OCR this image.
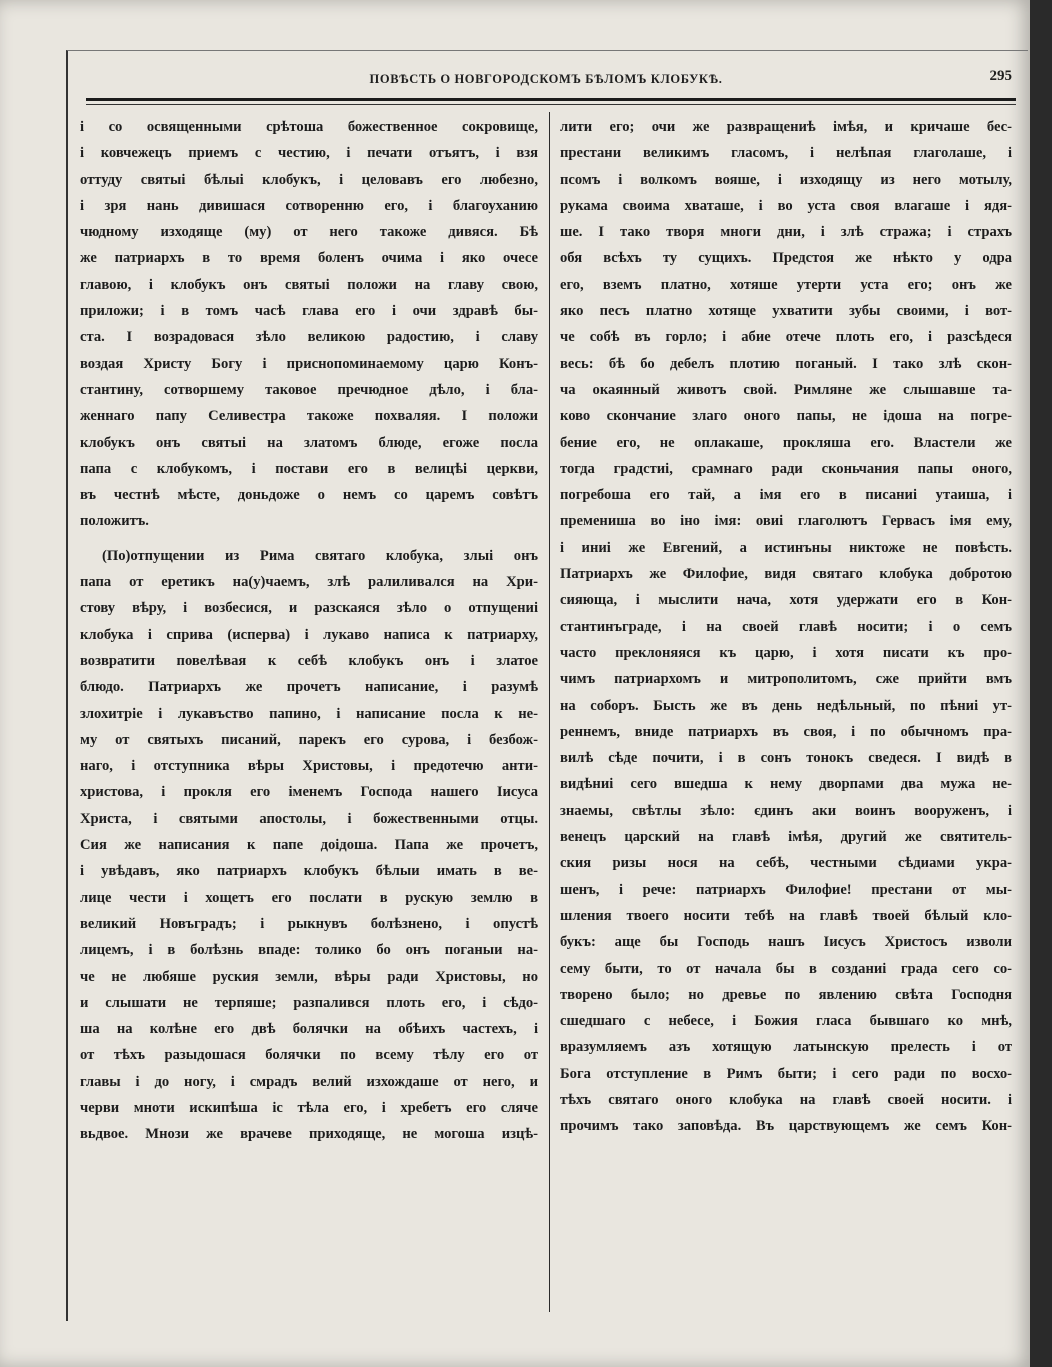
ПОВѢСТЬ О НОВГОРОДСКОМЪ БѢЛОМЪ КЛОБУКѢ.	295
і со освященными срѣтоша божественное сокровище,
і ковчежецъ приемъ с честию, і печати отъятъ, і взя
оттуду святыі бѣлыі клобукъ, і целовавъ его любезно,
і зря нань дивишася сотворенню его, і благоуханию
чюдному изходяще (му) от него такоже дивяся. Бѣ
же патриархъ в то время боленъ очима і яко очесе
главою, і клобукъ онъ святыі положи на главу свою,
приложи; і в томъ часѣ глава его і очи здравѣ бы-
ста. І возрадовася зѣло великою радостию, і славу
воздая Христу Богу і приснопоминаемому царю Конъ-
стантину, сотворшему таковое пречюдное дѣло, і бла-
женнаго папу Селивестра такоже похваляя. І положи
клобукъ онъ святыі на златомъ блюде, егоже посла
папа с клобукомъ, і постави его в велицѣі церкви,
въ честнѣ мѣсте, доньдоже о немъ со царемъ совѣтъ
положитъ.
(По)отпущении из Рима святаго клобука, злыі онъ
папа от еретикъ на(у)чаемъ, злѣ ралиливался на Хри-
стову вѣру, і возбесися, и разскаяся зѣло о отпущениі
клобука і сприва (исперва) і лукаво написа к патриарху,
возвратити повелѣвая к себѣ клобукъ онъ і златое
блюдо. Патриархъ же прочетъ написание, і разумѣ
злохитріе і лукавъство папино, і написание посла к не-
му от святыхъ писаний, парекъ его сурова, і безбож-
наго, і отступника вѣры Христовы, і предотечю анти-
христова, і прокля его іменемъ Господа нашего Іисуса
Христа, і святыми апостолы, і божественными отцы.
Сия же написания к папе доідоша. Папа же прочетъ,
і увѣдавъ, яко патриархъ клобукъ бѣлыи имать в ве-
лице чести і хощетъ его послати в рускую землю в
великий Новъградъ; і рыкнувъ болѣзнено, і опустѣ
лицемъ, і в болѣзнь впаде: толико бо онъ поганыи на-
че не любяше руския земли, вѣры ради Христовы, но
и слышати не терпяше; разпалився плоть его, і сѣдо-
ша на колѣне его двѣ болячки на обѣихъ частехъ, і
от тѣхъ разыдошася болячки по всему тѣлу его от
главы і до ногу, і смрадъ велий изхождаше от него, и
черви мноти искипѣша іс тѣла его, і хребетъ его сляче
вьдвое. Мнози же врачеве приходяще, не могоша изцѣ-
лити его; очи же развращениѣ імѣя, и кричаше бес-
престани великимъ гласомъ, і нелѣпая глаголаше, і
псомъ і волкомъ вояше, і изходящу из него мотылу,
рукама своима хваташе, і во уста своя влагаше і ядя-
ше. І тако творя многи дни, і злѣ стража; і страхъ
обя всѣхъ ту сущихъ. Предстоя же нѣкто у одра
его, вземъ платно, хотяше утерти уста его; онъ же
яко песъ платно хотяще ухватити зубы своими, і вот-
че собѣ въ горло; і абие отече плоть его, і разсѣдеся
весь: бѣ бо дебелъ плотию поганый. І тако злѣ скон-
ча окаянный животъ свой. Римляне же слышавше та-
ково скончание злаго оного папы, не ідоша на погре-
бение его, не оплакаше, прокляша его. Властели же
тогда градстиі, срамнаго ради сконьчания папы оного,
погребоша его тай, а імя его в писаниі утаиша, і
премениша во іно імя: овиі глаголютъ Гервасъ імя ему,
і иниі же Евгений, а истинъны никтоже не повѣсть.
Патриархъ же Филофие, видя святаго клобука добротою
сияюща, і мыслити нача, хотя удержати его в Кон-
стантинъграде, і на своей главѣ носити; і о семъ
часто преклоняяся къ царю, і хотя писати къ про-
чимъ патриархомъ и митрополитомъ, сже прийти вмъ
на соборъ. Бысть же въ день недѣльный, по пѣниі ут-
реннемъ, вниде патриархъ въ своя, і по обычномъ пра-
вилѣ сѣде почити, і в сонъ тонокъ сведеся. І видѣ в
видѣниі сего вшедша к нему дворпами два мужа не-
знаемы, свѣтлы зѣло: єдинъ аки воинъ вооруженъ, і
венецъ царский на главѣ імѣя, другий же святитель-
ския ризы нося на себѣ, честными сѣдиами укра-
шенъ, і рече: патриархъ Филофие! престани от мы-
шления твоего носити тебѣ на главѣ твоей бѣлый кло-
букъ: аще бы Господь нашъ Іисусъ Христосъ изволи
сему быти, то от начала бы в созданиі града сего со-
творено было; но древье по явлению свѣта Господня
сшедшаго с небесе, і Божия гласа бывшаго ко мнѣ,
вразумляемъ азъ хотящую латынскую прелесть і от
Бога отступление в Римъ быти; і сего ради по восхо-
тѣхъ святаго оного клобука на главѣ своей носити. і
прочимъ тако заповѣда. Въ царствующемъ же семъ Кон-
